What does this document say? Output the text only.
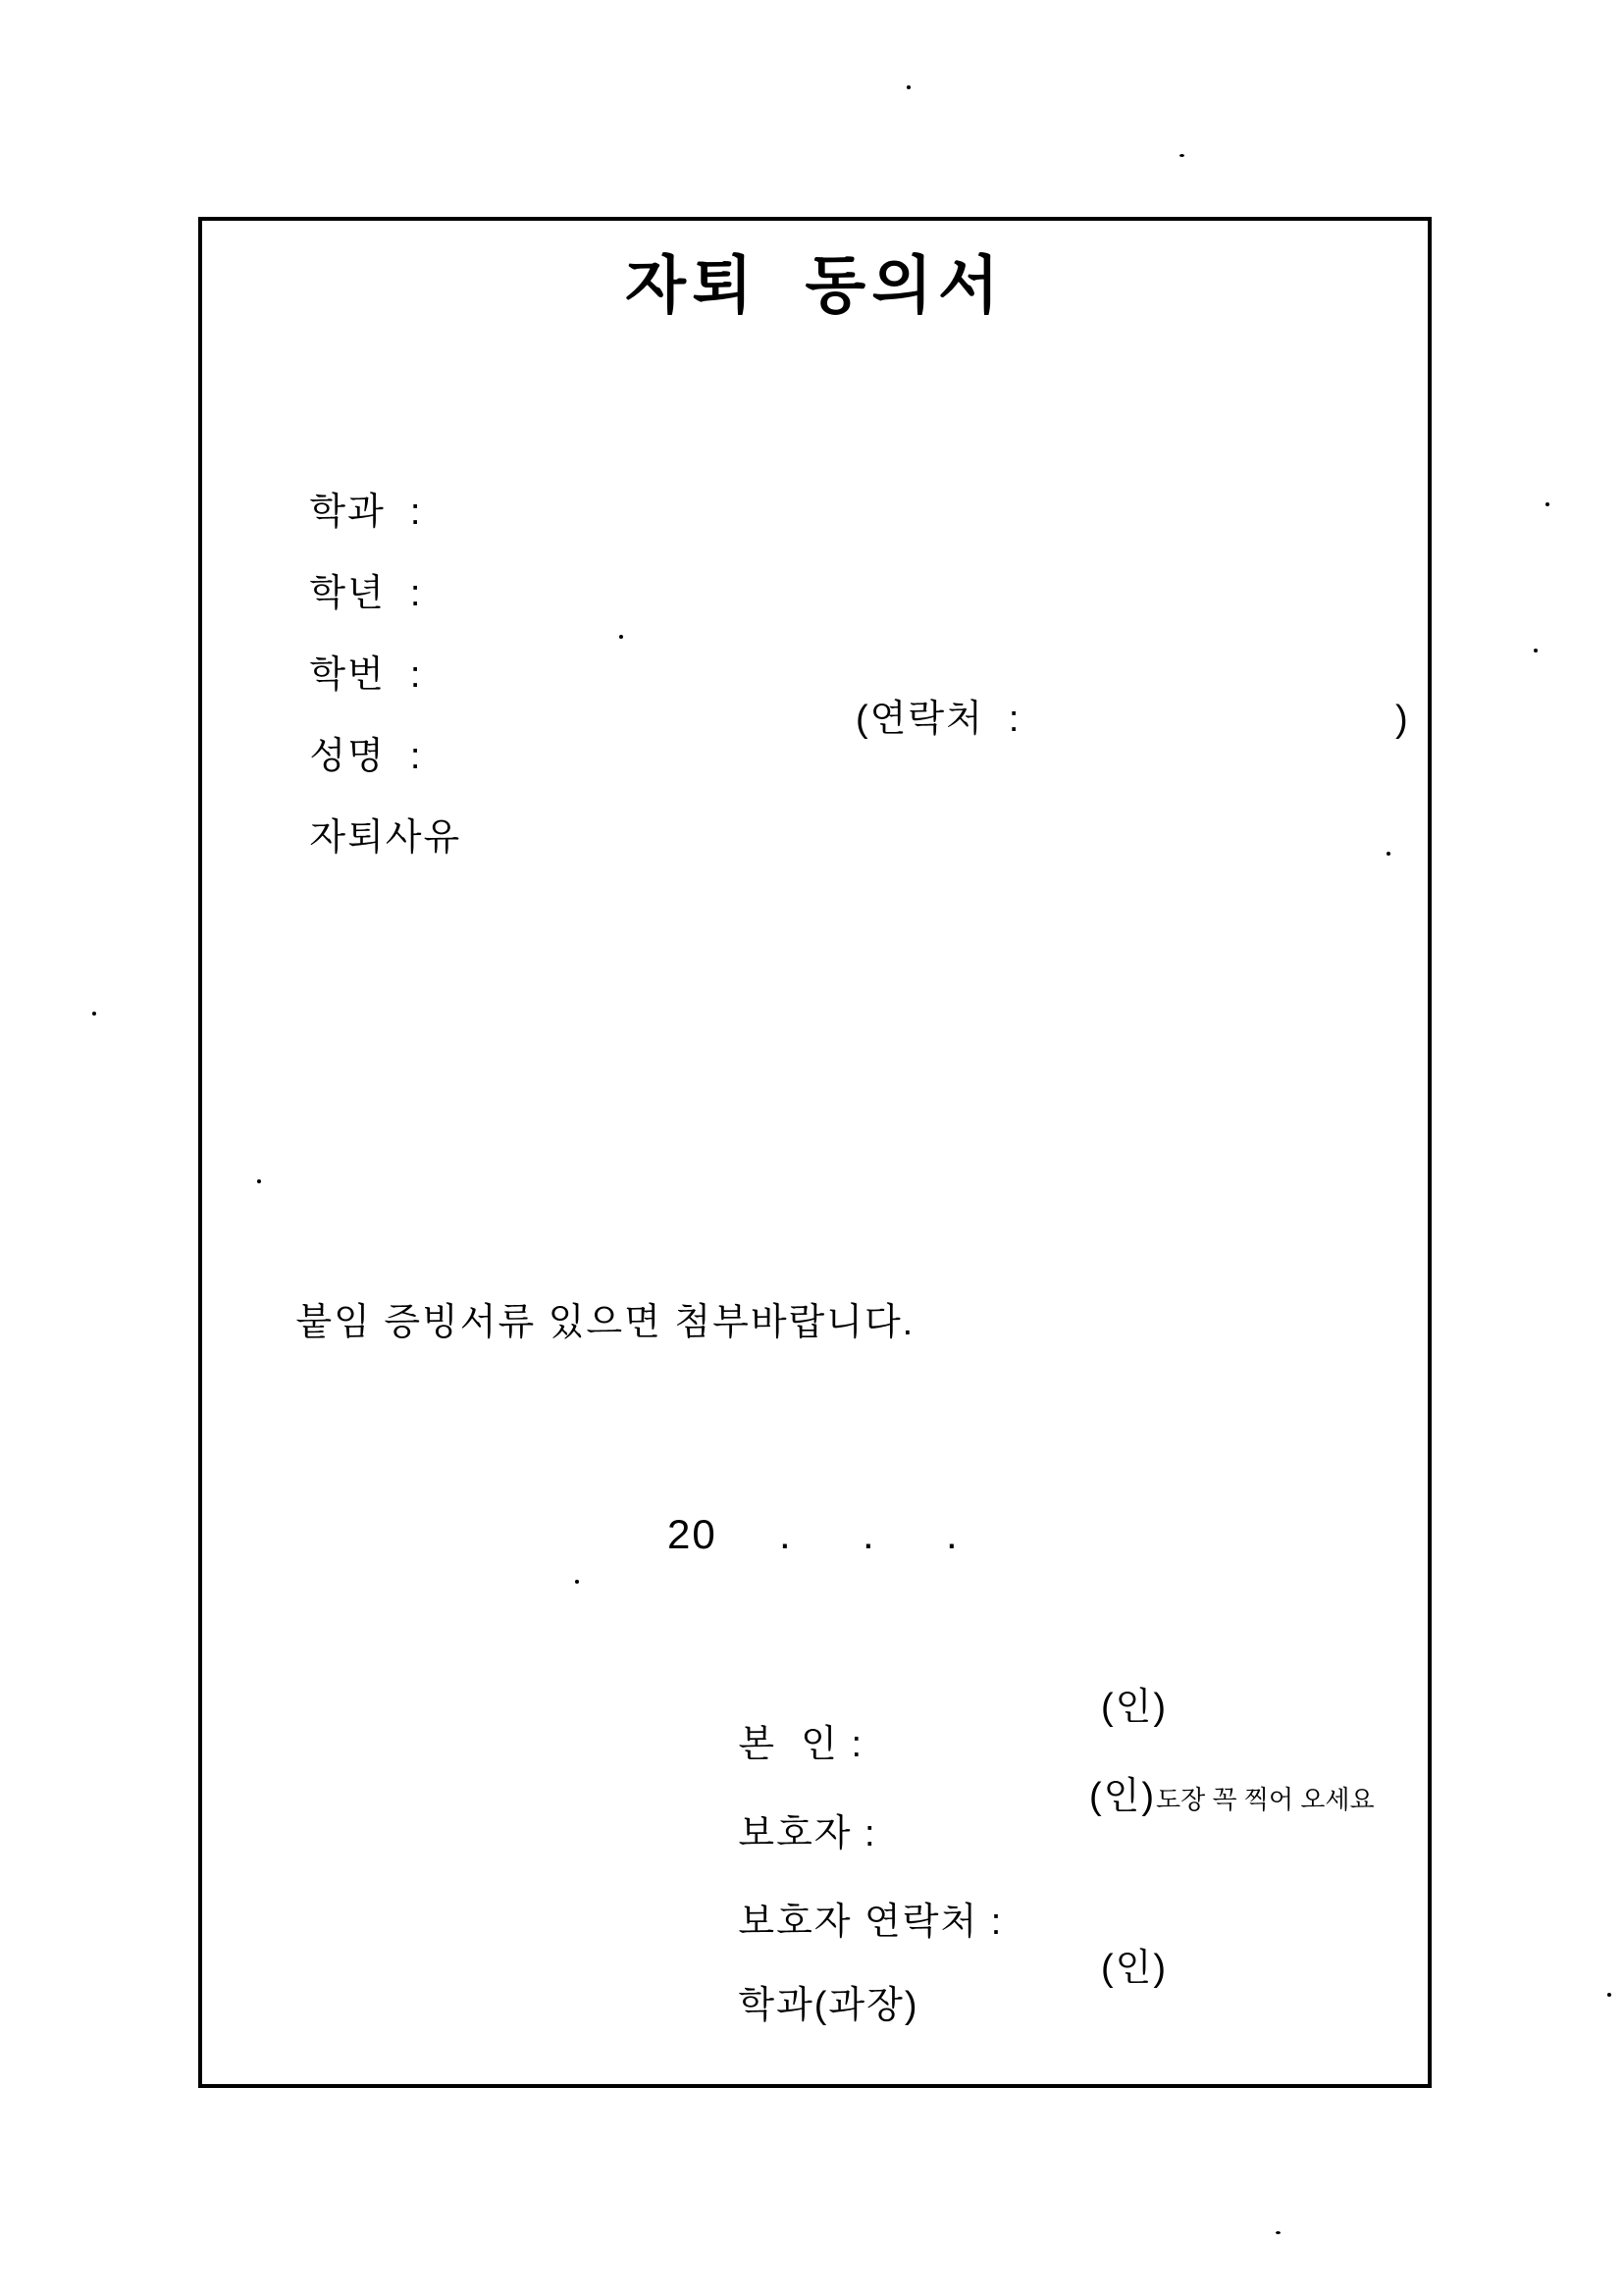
자퇴  동의서

학과  :

학년  :

학번  :

성명  :

(연락처  :

	)

자퇴사유

붙임 증빙서류 있으면 첨부바랍니다.

20

.

.

.

본  인 :

(인)

보호자 :

(인)도장 꼭 찍어 오세요

보호자 연락처 :

학과(과장)

(인)
